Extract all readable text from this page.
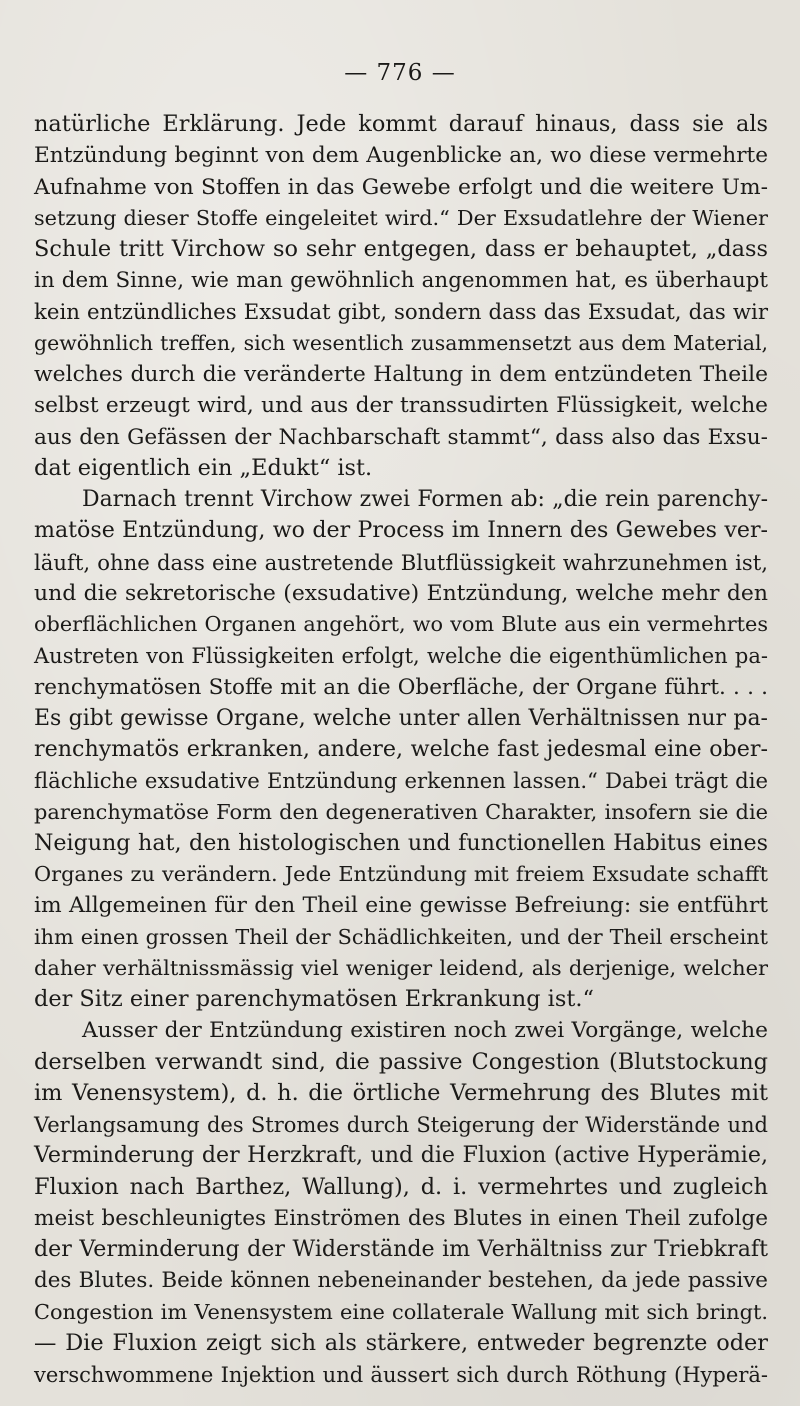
— 776 —
natürliche Erklärung. Jede kommt darauf hinaus, dass sie als
Entzündung beginnt von dem Augenblicke an, wo diese vermehrte
Aufnahme von Stoffen in das Gewebe erfolgt und die weitere Um-
setzung dieser Stoffe eingeleitet wird.“ Der Exsudatlehre der Wiener
Schule tritt Virchow so sehr entgegen, dass er behauptet, „dass
in dem Sinne, wie man gewöhnlich angenommen hat, es überhaupt
kein entzündliches Exsudat gibt, sondern dass das Exsudat, das wir
gewöhnlich treffen, sich wesentlich zusammensetzt aus dem Material,
welches durch die veränderte Haltung in dem entzündeten Theile
selbst erzeugt wird, und aus der transsudirten Flüssigkeit, welche
aus den Gefässen der Nachbarschaft stammt“, dass also das Exsu-
dat eigentlich ein „Edukt“ ist.
Darnach trennt Virchow zwei Formen ab: „die rein parenchy-
matöse Entzündung, wo der Process im Innern des Gewebes ver-
läuft, ohne dass eine austretende Blutflüssigkeit wahrzunehmen ist,
und die sekretorische (exsudative) Entzündung, welche mehr den
oberflächlichen Organen angehört, wo vom Blute aus ein vermehrtes
Austreten von Flüssigkeiten erfolgt, welche die eigenthümlichen pa-
renchymatösen Stoffe mit an die Oberfläche, der Organe führt. . . .
Es gibt gewisse Organe, welche unter allen Verhältnissen nur pa-
renchymatös erkranken, andere, welche fast jedesmal eine ober-
flächliche exsudative Entzündung erkennen lassen.“ Dabei trägt die
parenchymatöse Form den degenerativen Charakter, insofern sie die
Neigung hat, den histologischen und functionellen Habitus eines
Organes zu verändern. Jede Entzündung mit freiem Exsudate schafft
im Allgemeinen für den Theil eine gewisse Befreiung: sie entführt
ihm einen grossen Theil der Schädlichkeiten, und der Theil erscheint
daher verhältnissmässig viel weniger leidend, als derjenige, welcher
der Sitz einer parenchymatösen Erkrankung ist.“
Ausser der Entzündung existiren noch zwei Vorgänge, welche
derselben verwandt sind, die passive Congestion (Blutstockung
im Venensystem), d. h. die örtliche Vermehrung des Blutes mit
Verlangsamung des Stromes durch Steigerung der Widerstände und
Verminderung der Herzkraft, und die Fluxion (active Hyperämie,
Fluxion nach Barthez, Wallung), d. i. vermehrtes und zugleich
meist beschleunigtes Einströmen des Blutes in einen Theil zufolge
der Verminderung der Widerstände im Verhältniss zur Triebkraft
des Blutes. Beide können nebeneinander bestehen, da jede passive
Congestion im Venensystem eine collaterale Wallung mit sich bringt.
— Die Fluxion zeigt sich als stärkere, entweder begrenzte oder
verschwommene Injektion und äussert sich durch Röthung (Hyperä-
